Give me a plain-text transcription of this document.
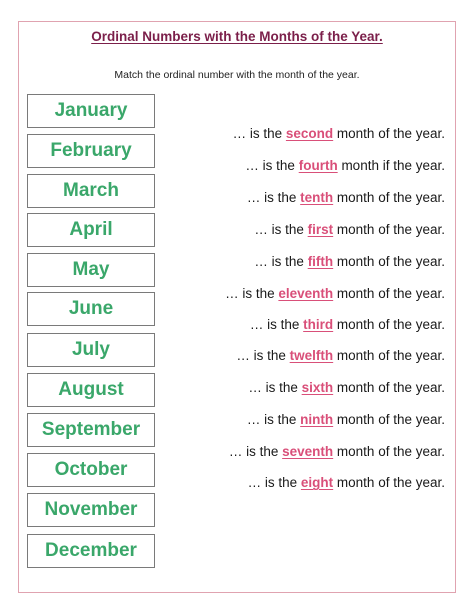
Ordinal Numbers with the Months of the Year.
Match the ordinal number with the month of the year.
January
February
March
April
May
June
July
August
September
October
November
December
… is the second month of the year.
… is the fourth month if the year.
… is the tenth month of the year.
… is the first month of the year.
… is the fifth month of the year.
… is the eleventh month of the year.
… is the third month of the year.
… is the twelfth month of the year.
… is the sixth month of the year.
… is the ninth month of the year.
… is the seventh month of the year.
… is the eight month of the year.
